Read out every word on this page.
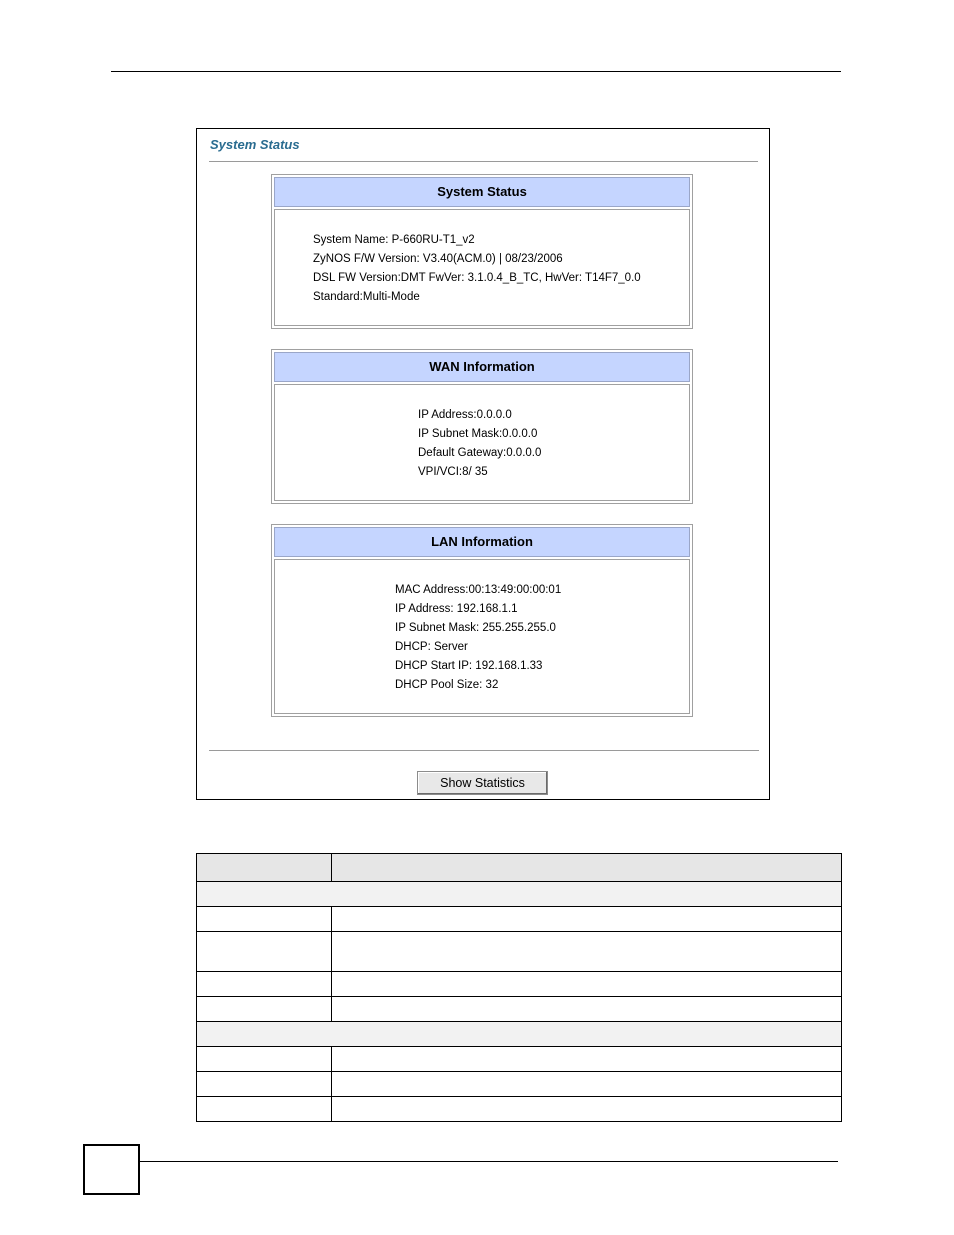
System Status
System Status
System Name: P-660RU-T1_v2
ZyNOS F/W Version: V3.40(ACM.0) | 08/23/2006
DSL FW Version:DMT FwVer: 3.1.0.4_B_TC, HwVer: T14F7_0.0
Standard:Multi-Mode
WAN Information
IP Address:0.0.0.0
IP Subnet Mask:0.0.0.0
Default Gateway:0.0.0.0
VPI/VCI:8/ 35
LAN Information
MAC Address:00:13:49:00:00:01
IP Address: 192.168.1.1
IP Subnet Mask: 255.255.255.0
DHCP: Server
DHCP Start IP: 192.168.1.33
DHCP Pool Size: 32
Show Statistics
